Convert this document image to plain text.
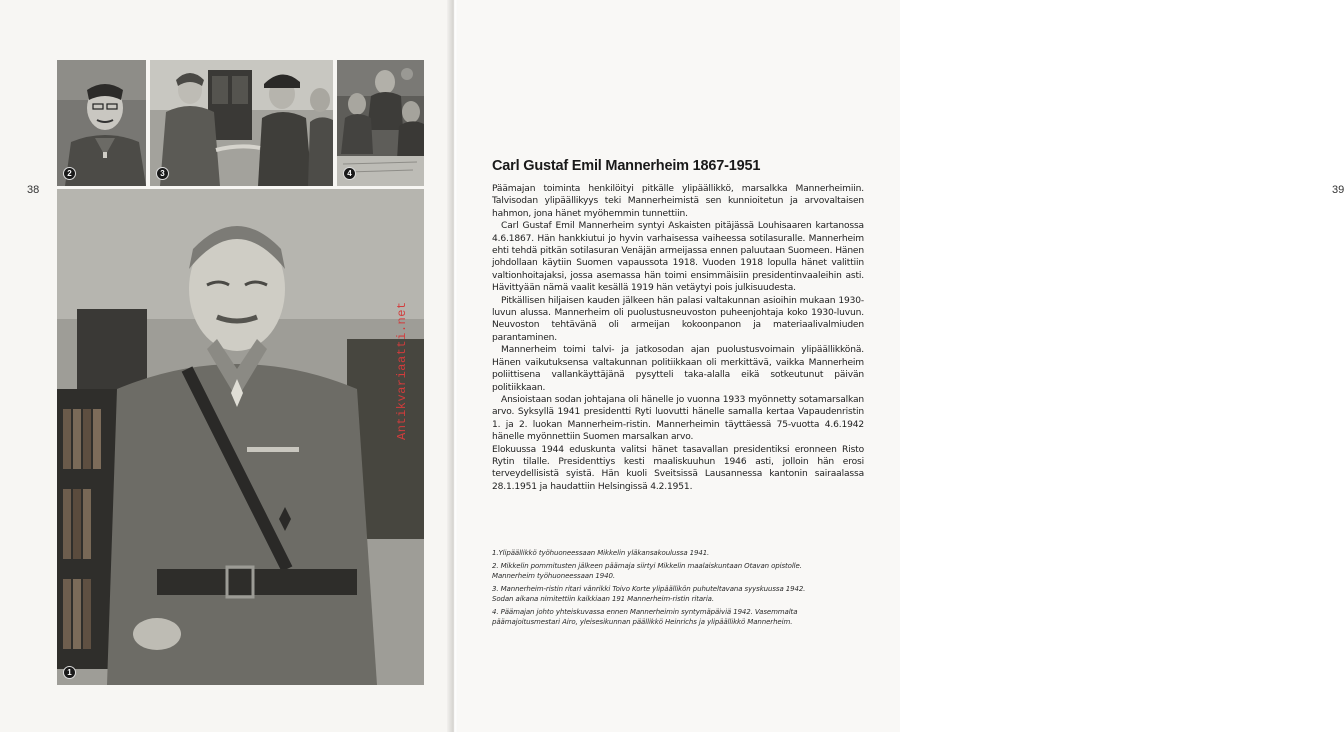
38
2	3	4
1
Antikvariaatti.net
39
Carl Gustaf Emil Mannerheim 1867-1951

Päämajan toiminta henkilöityi pitkälle ylipäällikkö, marsalkka Mannerheimiin. Talvisodan ylipäällikyys teki Mannerheimistä sen kunnioitetun ja arvovaltaisen hahmon, jona hänet myöhemmin tunnettiin.

Carl Gustaf Emil Mannerheim syntyi Askaisten pitäjässä Louhisaaren kartanossa 4.6.1867. Hän hankkiutui jo hyvin varhaisessa vaiheessa sotilasuralle. Mannerheim ehti tehdä pitkän sotilasuran Venäjän armeijassa ennen paluutaan Suomeen. Hänen johdollaan käytiin Suomen vapaussota 1918. Vuoden 1918 lopulla hänet valittiin valtionhoitajaksi, jossa asemassa hän toimi ensimmäisiin presidentinvaaleihin asti. Hävittyään nämä vaalit kesällä 1919 hän vetäytyi pois julkisuudesta.

Pitkällisen hiljaisen kauden jälkeen hän palasi valtakunnan asioihin mukaan 1930-luvun alussa. Mannerheim oli puolustusneuvoston puheenjohtaja koko 1930-luvun. Neuvoston tehtävänä oli armeijan kokoonpanon ja materiaalivalmiuden parantaminen.

Mannerheim toimi talvi- ja jatkosodan ajan puolustusvoimain ylipäällikkönä. Hänen vaikutuksensa valtakunnan politiikkaan oli merkittävä, vaikka Mannerheim poliittisena vallankäyttäjänä pysytteli taka-alalla eikä sotkeutunut päivän politiikkaan.

Ansioistaan sodan johtajana oli hänelle jo vuonna 1933 myönnetty sotamarsalkan arvo. Syksyllä 1941 presidentti Ryti luovutti hänelle samalla kertaa Vapaudenristin 1. ja 2. luokan Mannerheim-ristin. Mannerheimin täyttäessä 75-vuotta 4.6.1942 hänelle myönnettiin Suomen marsalkan arvo.

Elokuussa 1944 eduskunta valitsi hänet tasavallan presidentiksi eronneen Risto Rytin tilalle. Presidenttiys kesti maaliskuuhun 1946 asti, jolloin hän erosi terveydellisistä syistä. Hän kuoli Sveitsissä Lausannessa kantonin sairaalassa 28.1.1951 ja haudattiin Helsingissä 4.2.1951.

1.Ylipäällikkö työhuoneessaan Mikkelin yläkansakoulussa 1941.

2. Mikkelin pommitusten jälkeen päämaja siirtyi Mikkelin maalaiskuntaan Otavan opistolle. Mannerheim työhuoneessaan 1940.

3. Mannerheim-ristin ritari vänrikki Toivo Korte ylipäällikön puhuteltavana syyskuussa 1942. Sodan aikana nimitettiin kaikkiaan 191 Mannerheim-ristin ritaria.

4. Päämajan johto yhteiskuvassa ennen Mannerheimin syntymäpäiviä 1942. Vasemmalta päämajoitusmestari Airo, yleisesikunnan päällikkö Heinrichs ja ylipäällikkö Mannerheim.
